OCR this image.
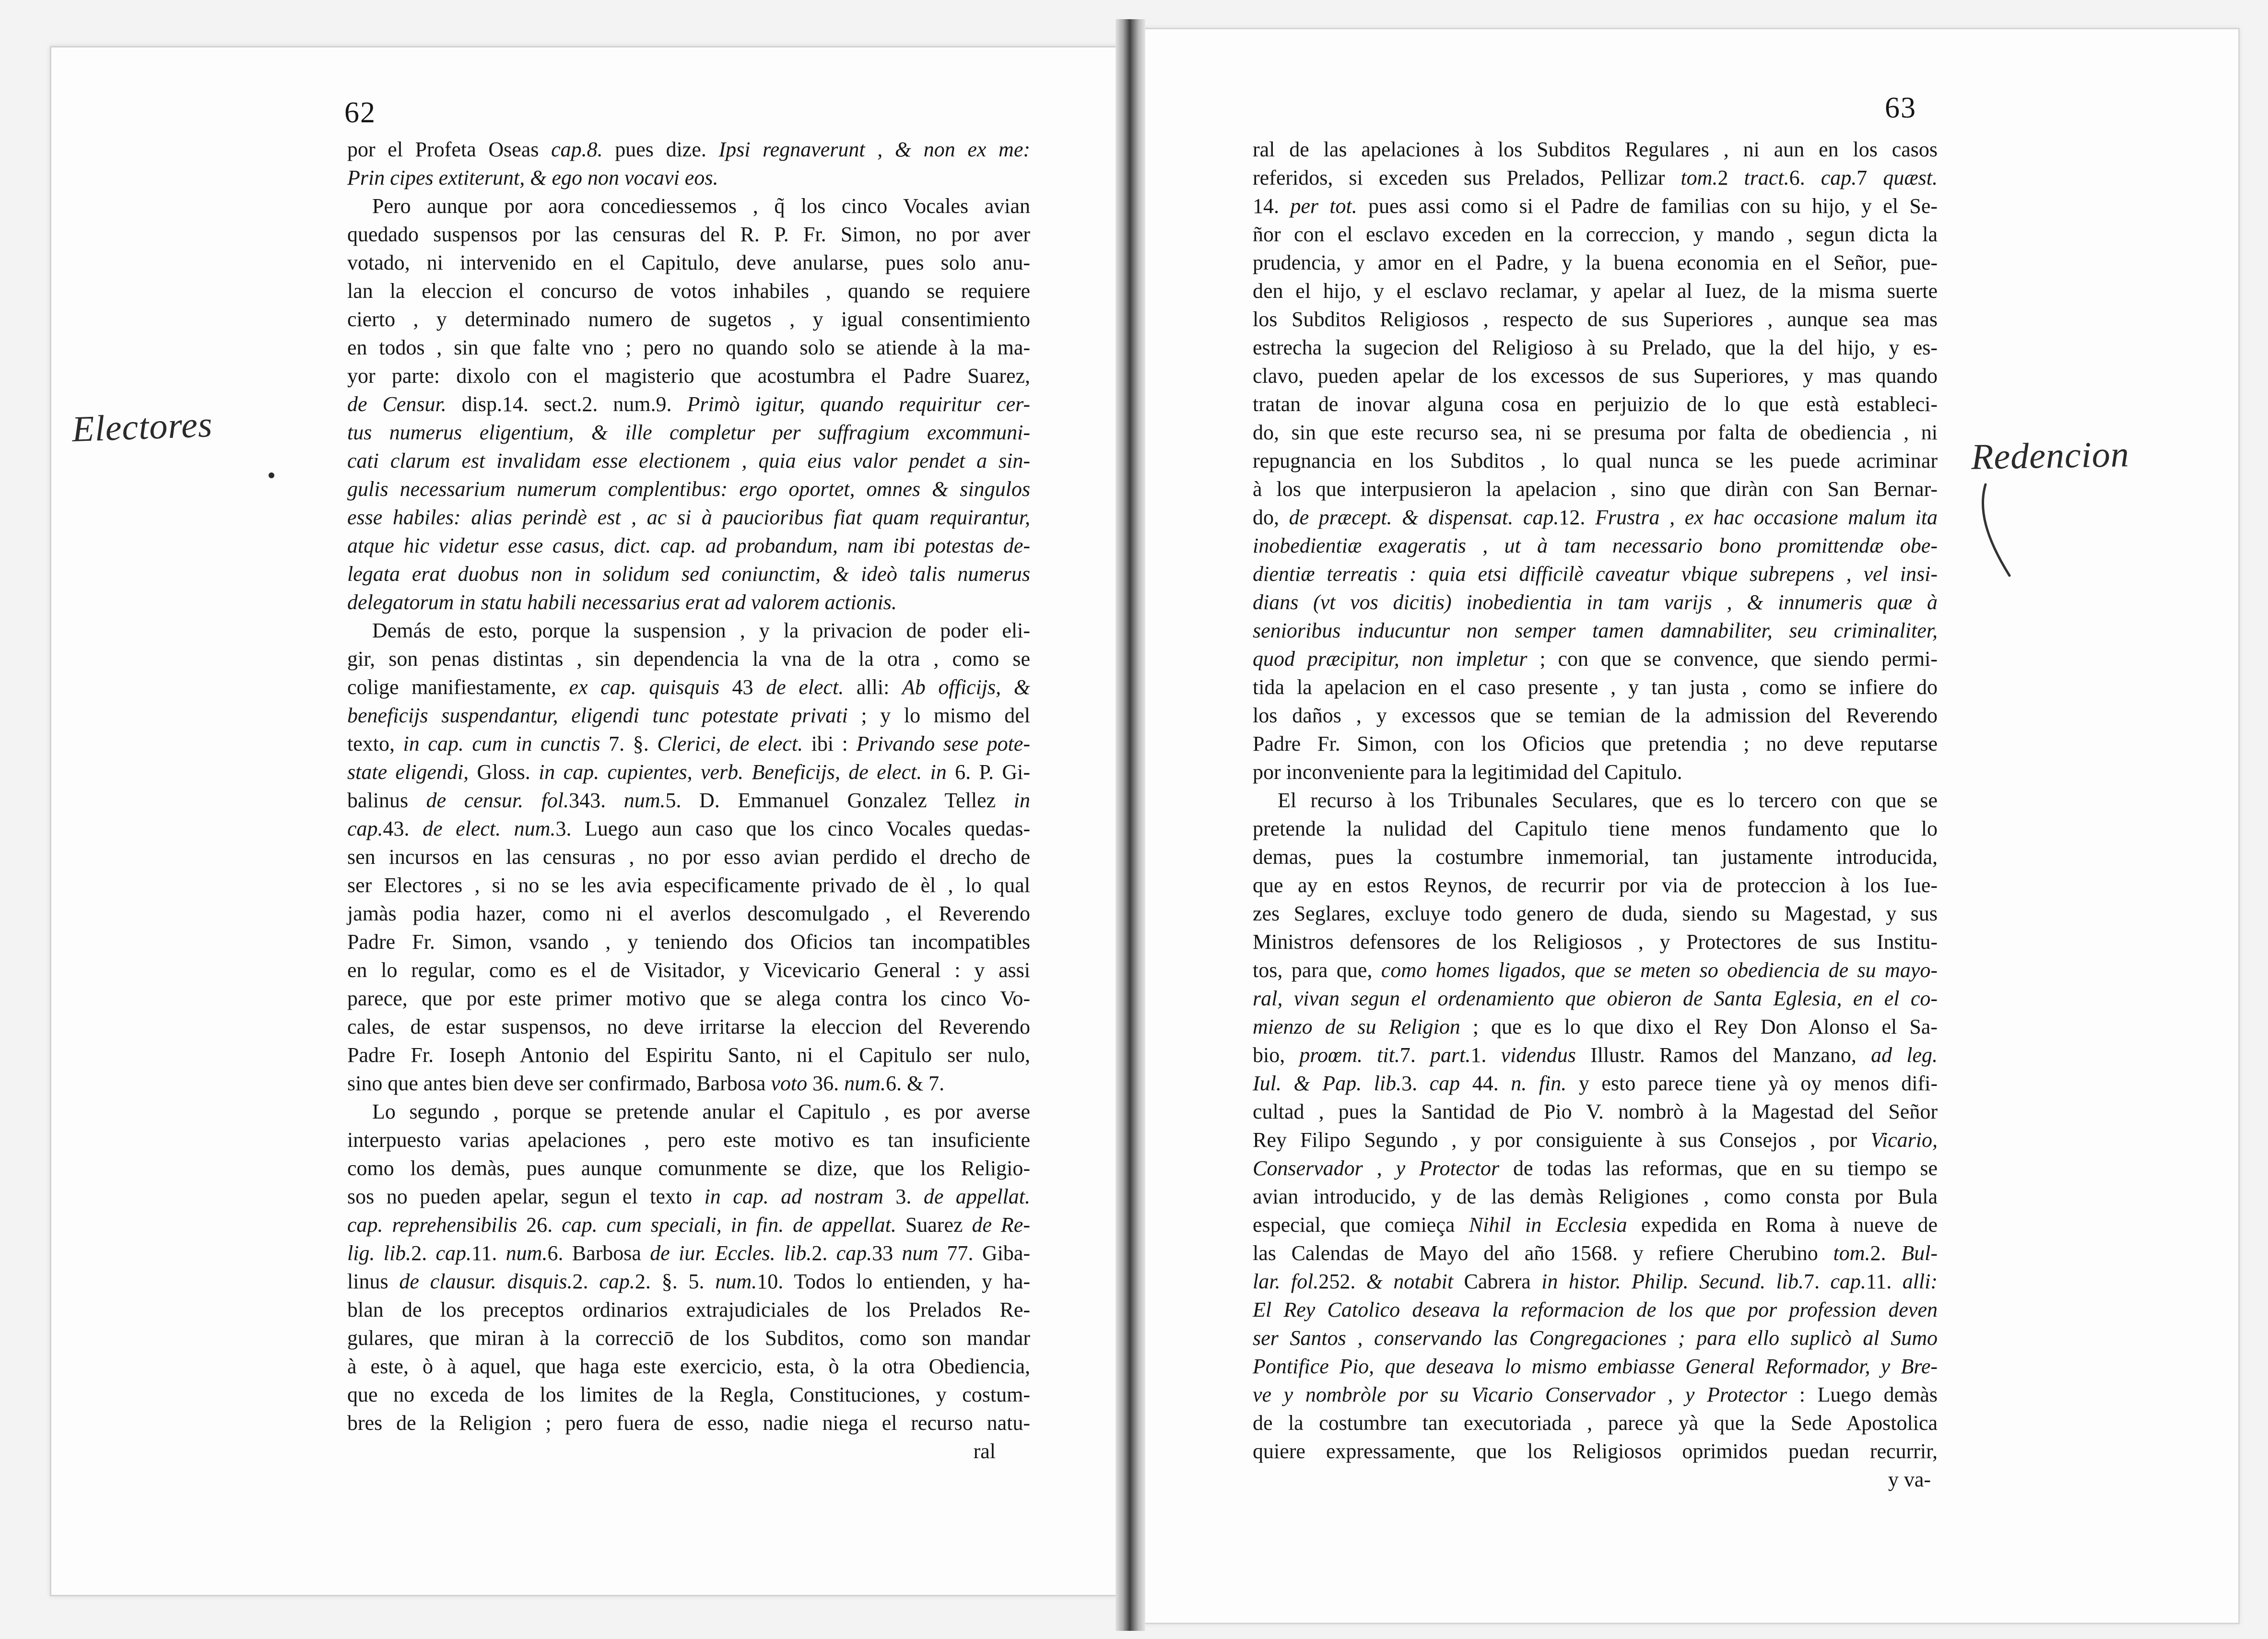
62	63
Electores
Redencion
por el Profeta Oseas cap.8. pues dize. Ipsi regnaverunt , & non ex me:
Prin cipes extiterunt, & ego non vocavi eos.
Pero aunque por aora concediessemos , q̃ los cinco Vocales avian
quedado suspensos por las censuras del R. P. Fr. Simon, no por aver
votado, ni intervenido en el Capitulo, deve anularse, pues solo anu-
lan la eleccion el concurso de votos inhabiles , quando se requiere
cierto , y determinado numero de sugetos , y igual consentimiento
en todos , sin que falte vno ; pero no quando solo se atiende à la ma-
yor parte: dixolo con el magisterio que acostumbra el Padre Suarez,
de Censur. disp.14. sect.2. num.9. Primò igitur, quando requiritur cer-
tus numerus eligentium, & ille completur per suffragium excommuni-
cati clarum est invalidam esse electionem , quia eius valor pendet a sin-
gulis necessarium numerum complentibus: ergo oportet, omnes & singulos
esse habiles: alias perindè est , ac si à paucioribus fiat quam requirantur,
atque hic videtur esse casus, dict. cap. ad probandum, nam ibi potestas de-
legata erat duobus non in solidum sed coniunctim, & ideò talis numerus
delegatorum in statu habili necessarius erat ad valorem actionis.
Demás de esto, porque la suspension , y la privacion de poder eli-
gir, son penas distintas , sin dependencia la vna de la otra , como se
colige manifiestamente, ex cap. quisquis 43 de elect. alli: Ab officijs, &
beneficijs suspendantur, eligendi tunc potestate privati ; y lo mismo del
texto, in cap. cum in cunctis 7. §. Clerici, de elect. ibi : Privando sese pote-
state eligendi, Gloss. in cap. cupientes, verb. Beneficijs, de elect. in 6. P. Gi-
balinus de censur. fol.343. num.5. D. Emmanuel Gonzalez Tellez in
cap.43. de elect. num.3. Luego aun caso que los cinco Vocales quedas-
sen incursos en las censuras , no por esso avian perdido el drecho de
ser Electores , si no se les avia especificamente privado de èl , lo qual
jamàs podia hazer, como ni el averlos descomulgado , el Reverendo
Padre Fr. Simon, vsando , y teniendo dos Oficios tan incompatibles
en lo regular, como es el de Visitador, y Vicevicario General : y assi
parece, que por este primer motivo que se alega contra los cinco Vo-
cales, de estar suspensos, no deve irritarse la eleccion del Reverendo
Padre Fr. Ioseph Antonio del Espiritu Santo, ni el Capitulo ser nulo,
sino que antes bien deve ser confirmado, Barbosa voto 36. num.6. & 7.
Lo segundo , porque se pretende anular el Capitulo , es por averse
interpuesto varias apelaciones , pero este motivo es tan insuficiente
como los demàs, pues aunque comunmente se dize, que los Religio-
sos no pueden apelar, segun el texto in cap. ad nostram 3. de appellat.
cap. reprehensibilis 26. cap. cum speciali, in fin. de appellat. Suarez de Re-
lig. lib.2. cap.11. num.6. Barbosa de iur. Eccles. lib.2. cap.33 num 77. Giba-
linus de clausur. disquis.2. cap.2. §. 5. num.10. Todos lo entienden, y ha-
blan de los preceptos ordinarios extrajudiciales de los Prelados Re-
gulares, que miran à la correcciō de los Subditos, como son mandar
à este, ò à aquel, que haga este exercicio, esta, ò la otra Obediencia,
que no exceda de los limites de la Regla, Constituciones, y costum-
bres de la Religion ; pero fuera de esso, nadie niega el recurso natu-
ral
ral de las apelaciones à los Subditos Regulares , ni aun en los casos
referidos, si exceden sus Prelados, Pellizar tom.2 tract.6. cap.7 quæst.
14. per tot. pues assi como si el Padre de familias con su hijo, y el Se-
ñor con el esclavo exceden en la correccion, y mando , segun dicta la
prudencia, y amor en el Padre, y la buena economia en el Señor, pue-
den el hijo, y el esclavo reclamar, y apelar al Iuez, de la misma suerte
los Subditos Religiosos , respecto de sus Superiores , aunque sea mas
estrecha la sugecion del Religioso à su Prelado, que la del hijo, y es-
clavo, pueden apelar de los excessos de sus Superiores, y mas quando
tratan de inovar alguna cosa en perjuizio de lo que està estableci-
do, sin que este recurso sea, ni se presuma por falta de obediencia , ni
repugnancia en los Subditos , lo qual nunca se les puede acriminar
à los que interpusieron la apelacion , sino que diràn con San Bernar-
do, de præcept. & dispensat. cap.12. Frustra , ex hac occasione malum ita
inobedientiæ exageratis , ut à tam necessario bono promittendæ obe-
dientiæ terreatis : quia etsi difficilè caveatur vbique subrepens , vel insi-
dians (vt vos dicitis) inobedientia in tam varijs , & innumeris quæ à
senioribus inducuntur non semper tamen damnabiliter, seu criminaliter,
quod præcipitur, non impletur ; con que se convence, que siendo permi-
tida la apelacion en el caso presente , y tan justa , como se infiere do
los daños , y excessos que se temian de la admission del Reverendo
Padre Fr. Simon, con los Oficios que pretendia ; no deve reputarse
por inconveniente para la legitimidad del Capitulo.
El recurso à los Tribunales Seculares, que es lo tercero con que se
pretende la nulidad del Capitulo tiene menos fundamento que lo
demas, pues la costumbre inmemorial, tan justamente introducida,
que ay en estos Reynos, de recurrir por via de proteccion à los Iue-
zes Seglares, excluye todo genero de duda, siendo su Magestad, y sus
Ministros defensores de los Religiosos , y Protectores de sus Institu-
tos, para que, como homes ligados, que se meten so obediencia de su mayo-
ral, vivan segun el ordenamiento que obieron de Santa Eglesia, en el co-
mienzo de su Religion ; que es lo que dixo el Rey Don Alonso el Sa-
bio, proœm. tit.7. part.1. videndus Illustr. Ramos del Manzano, ad leg.
Iul. & Pap. lib.3. cap 44. n. fin. y esto parece tiene yà oy menos difi-
cultad , pues la Santidad de Pio V. nombrò à la Magestad del Señor
Rey Filipo Segundo , y por consiguiente à sus Consejos , por Vicario,
Conservador , y Protector de todas las reformas, que en su tiempo se
avian introducido, y de las demàs Religiones , como consta por Bula
especial, que comieça Nihil in Ecclesia expedida en Roma à nueve de
las Calendas de Mayo del año 1568. y refiere Cherubino tom.2. Bul-
lar. fol.252. & notabit Cabrera in histor. Philip. Secund. lib.7. cap.11. alli:
El Rey Catolico deseava la reformacion de los que por profession deven
ser Santos , conservando las Congregaciones ; para ello suplicò al Sumo
Pontifice Pio, que deseava lo mismo embiasse General Reformador, y Bre-
ve y nombròle por su Vicario Conservador , y Protector : Luego demàs
de la costumbre tan executoriada , parece yà que la Sede Apostolica
quiere expressamente, que los Religiosos oprimidos puedan recurrir,
y va-
